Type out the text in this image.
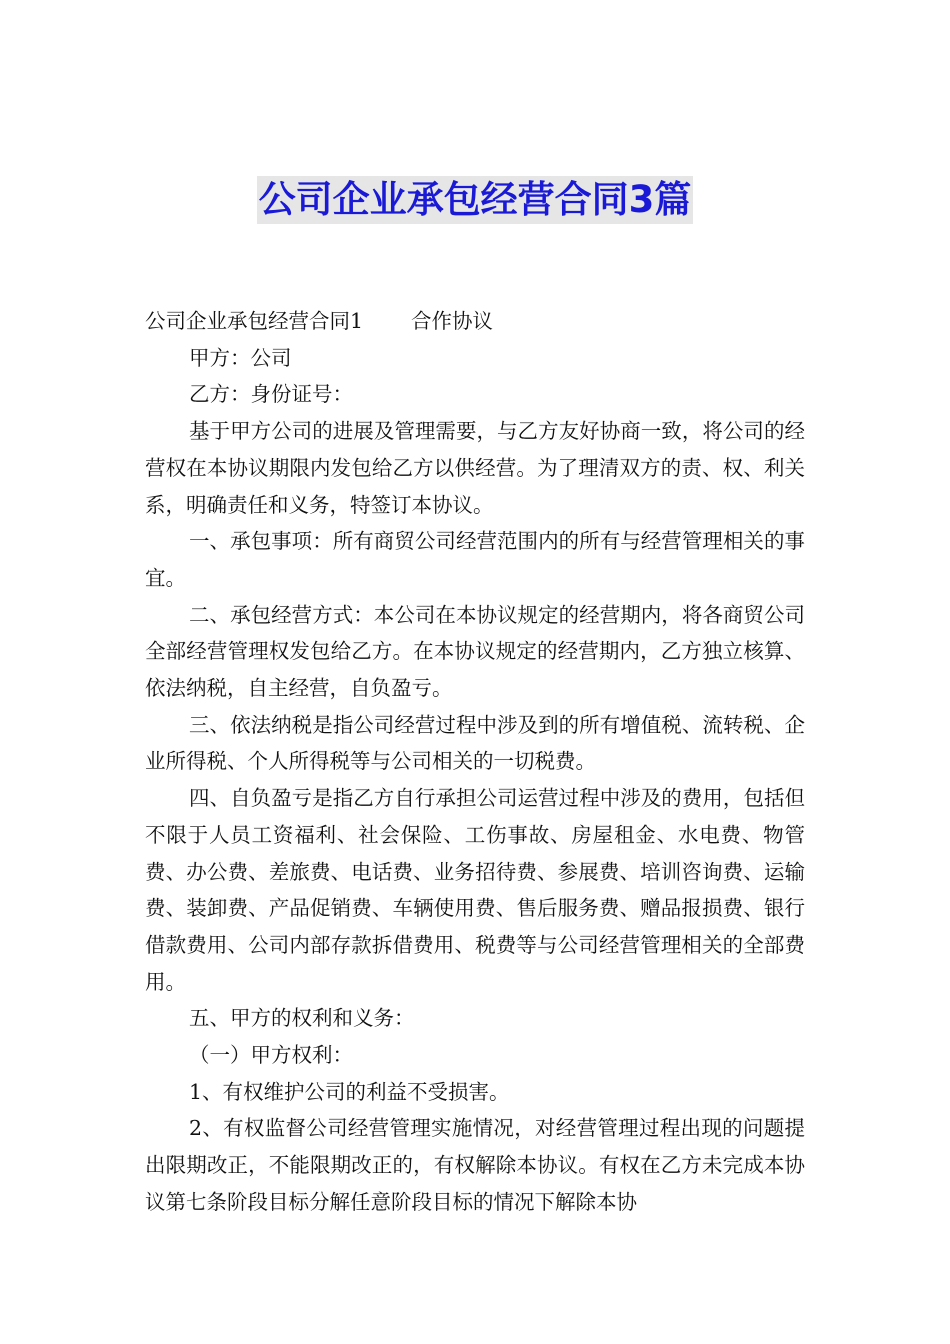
公司企业承包经营合同3篇

公司企业承包经营合同1 合作协议

甲方：公司

乙方：身份证号：

基于甲方公司的进展及管理需要，与乙方友好协商一致，将公司的经营权在本协议期限内发包给乙方以供经营。为了理清双方的责、权、利关系，明确责任和义务，特签订本协议。

一、承包事项：所有商贸公司经营范围内的所有与经营管理相关的事宜。

二、承包经营方式：本公司在本协议规定的经营期内，将各商贸公司全部经营管理权发包给乙方。在本协议规定的经营期内，乙方独立核算、依法纳税，自主经营，自负盈亏。

三、依法纳税是指公司经营过程中涉及到的所有增值税、流转税、企业所得税、个人所得税等与公司相关的一切税费。

四、自负盈亏是指乙方自行承担公司运营过程中涉及的费用，包括但不限于人员工资福利、社会保险、工伤事故、房屋租金、水电费、物管费、办公费、差旅费、电话费、业务招待费、参展费、培训咨询费、运输费、装卸费、产品促销费、车辆使用费、售后服务费、赠品报损费、银行借款费用、公司内部存款拆借费用、税费等与公司经营管理相关的全部费用。

五、甲方的权利和义务：

（一）甲方权利：

1、有权维护公司的利益不受损害。

2、有权监督公司经营管理实施情况，对经营管理过程出现的问题提出限期改正，不能限期改正的，有权解除本协议。有权在乙方未完成本协议第七条阶段目标分解任意阶段目标的情况下解除本协
